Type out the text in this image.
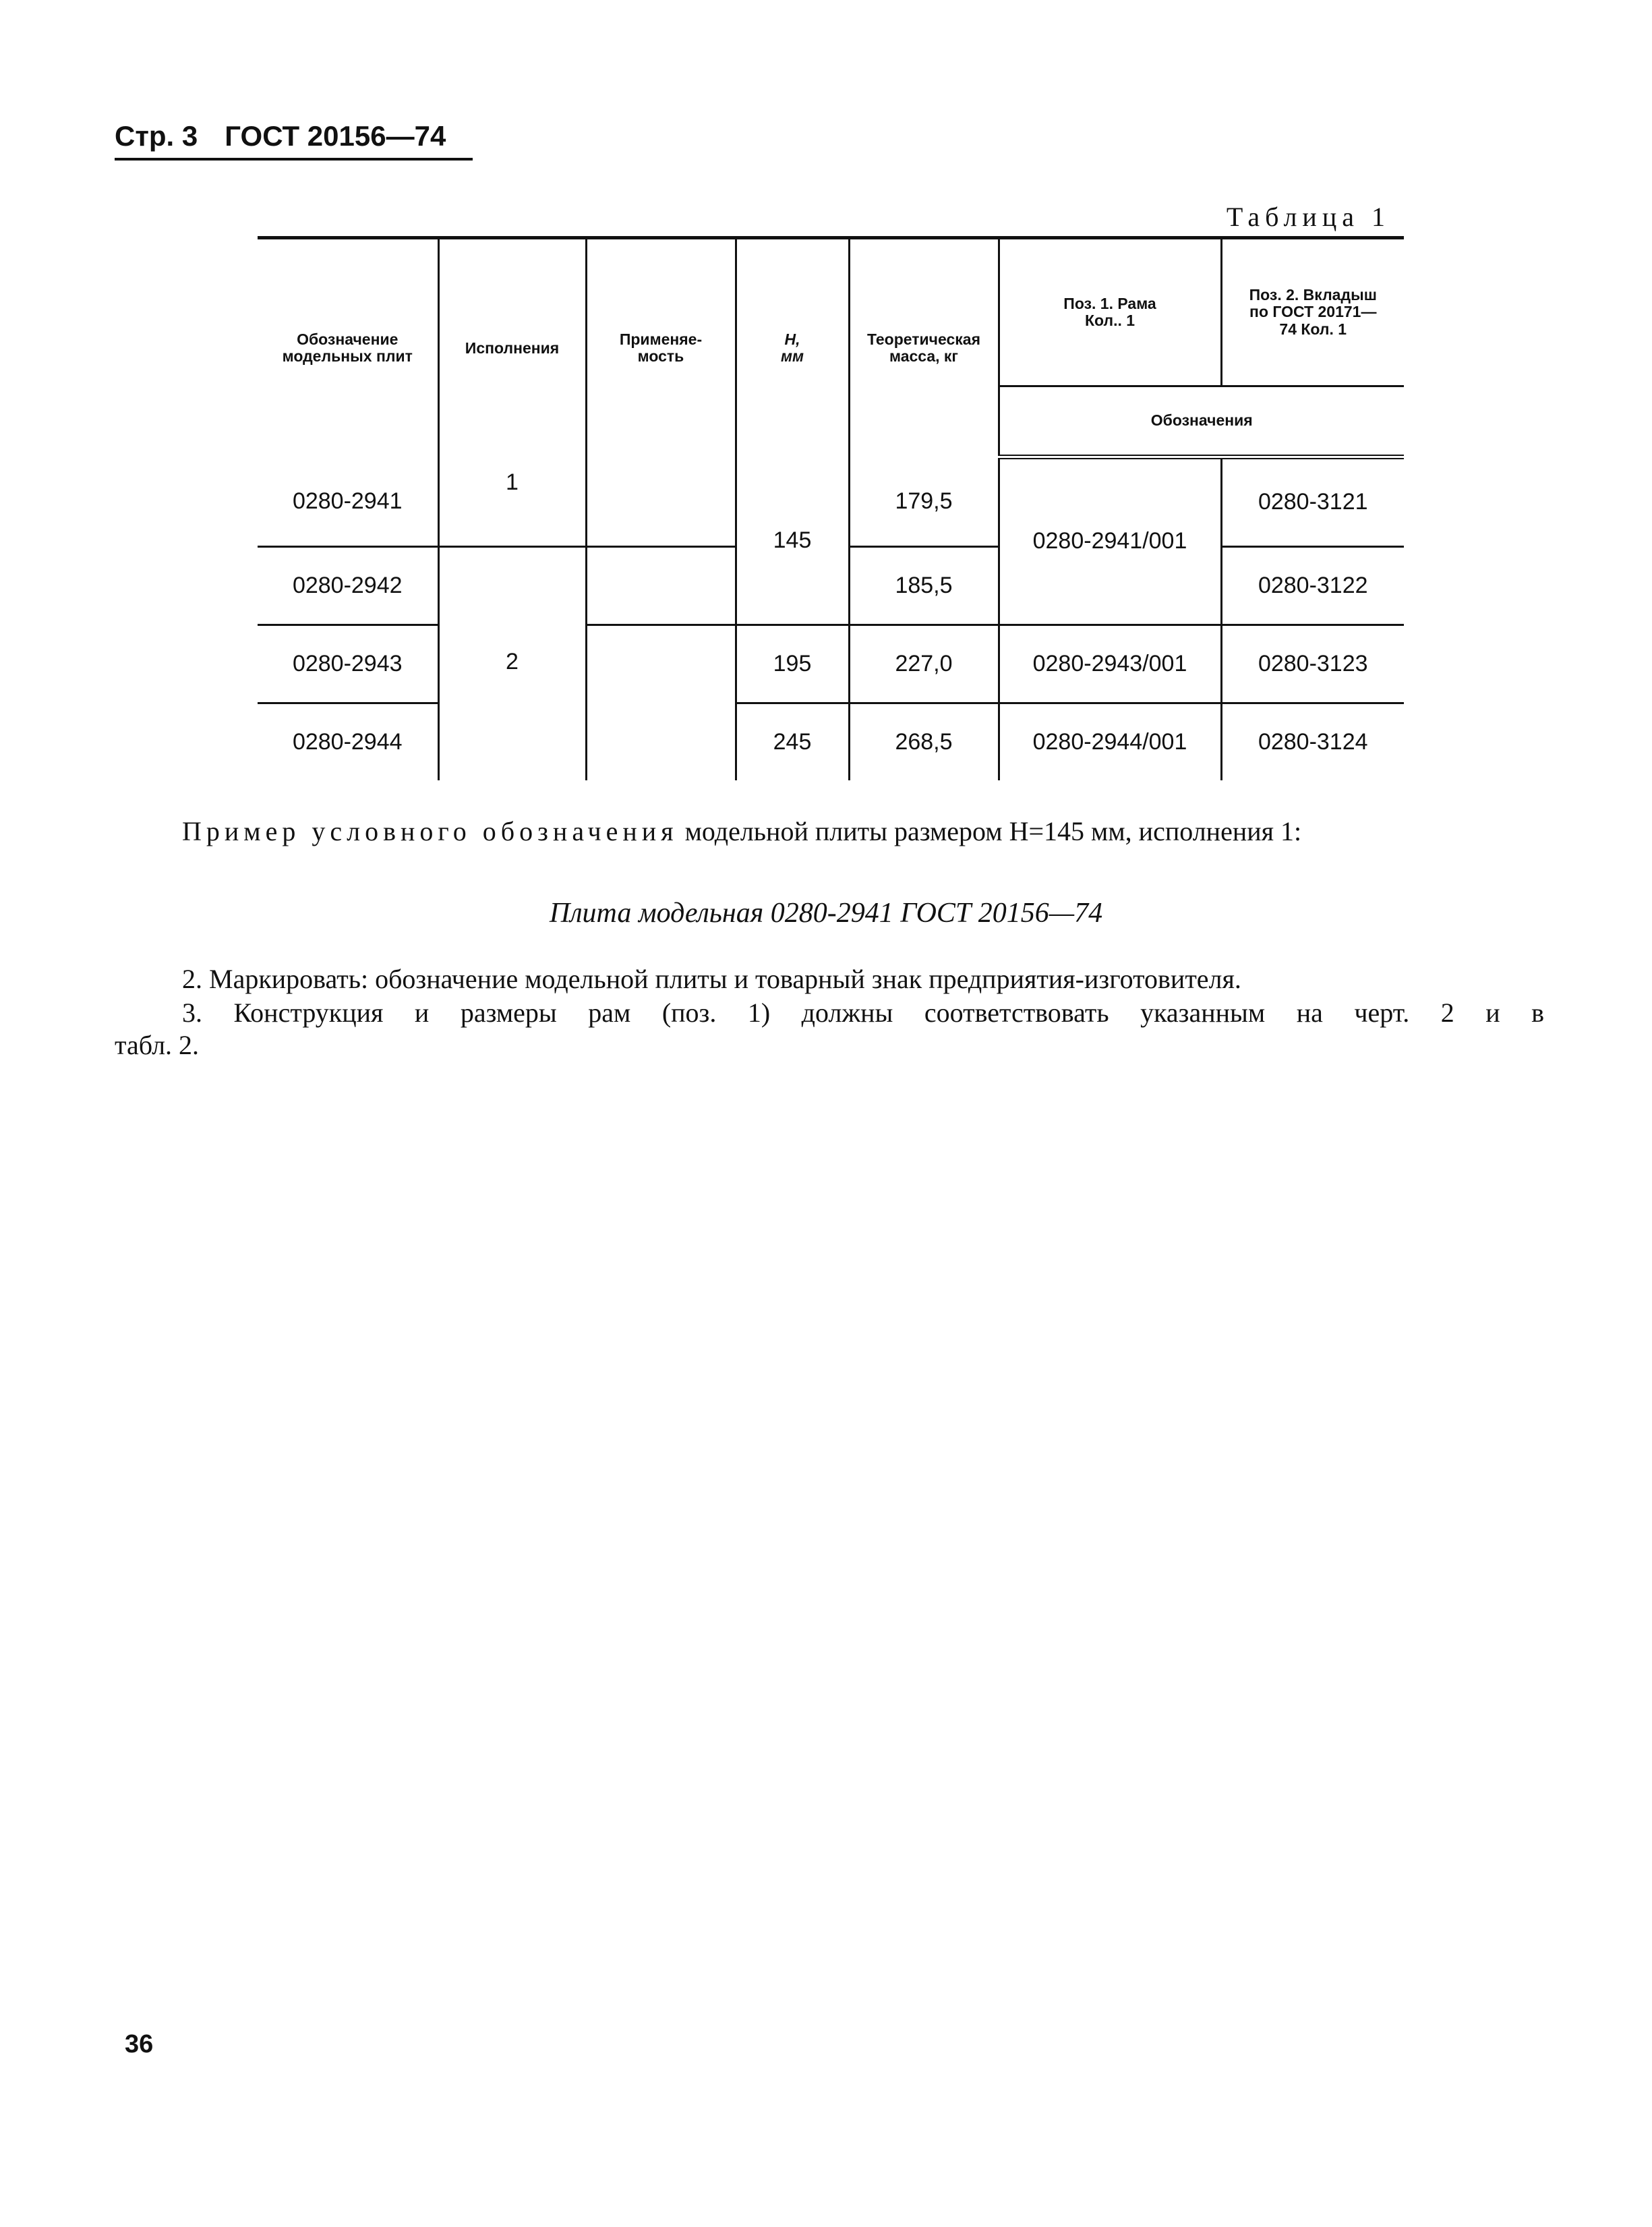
Стр. 3 ГОСТ 20156—74
Таблица 1
Обозначение модельных плит	Исполнения	Применяе-мость	Н, мм	Теоретическая масса, кг	Поз. 1. Рама Кол.. 1	Поз. 2. Вкладыш по ГОСТ 20171—74 Кол. 1
					Обозначения	
0280-2941	1		145	179,5	0280-2941/001	0280-3121
0280-2942	2			185,5		0280-3122
0280-2943			195	227,0	0280-2943/001	0280-3123
0280-2944			245	268,5	0280-2944/001	0280-3124
Пример условного обозначения модельной плиты размером Н=145 мм, исполнения 1:
Плита модельная 0280-2941 ГОСТ 20156—74
2. Маркировать: обозначение модельной плиты и товарный знак предприятия-изготовителя.
3. Конструкция и размеры рам (поз. 1) должны соответствовать указанным на черт. 2 и в
табл. 2.
36
